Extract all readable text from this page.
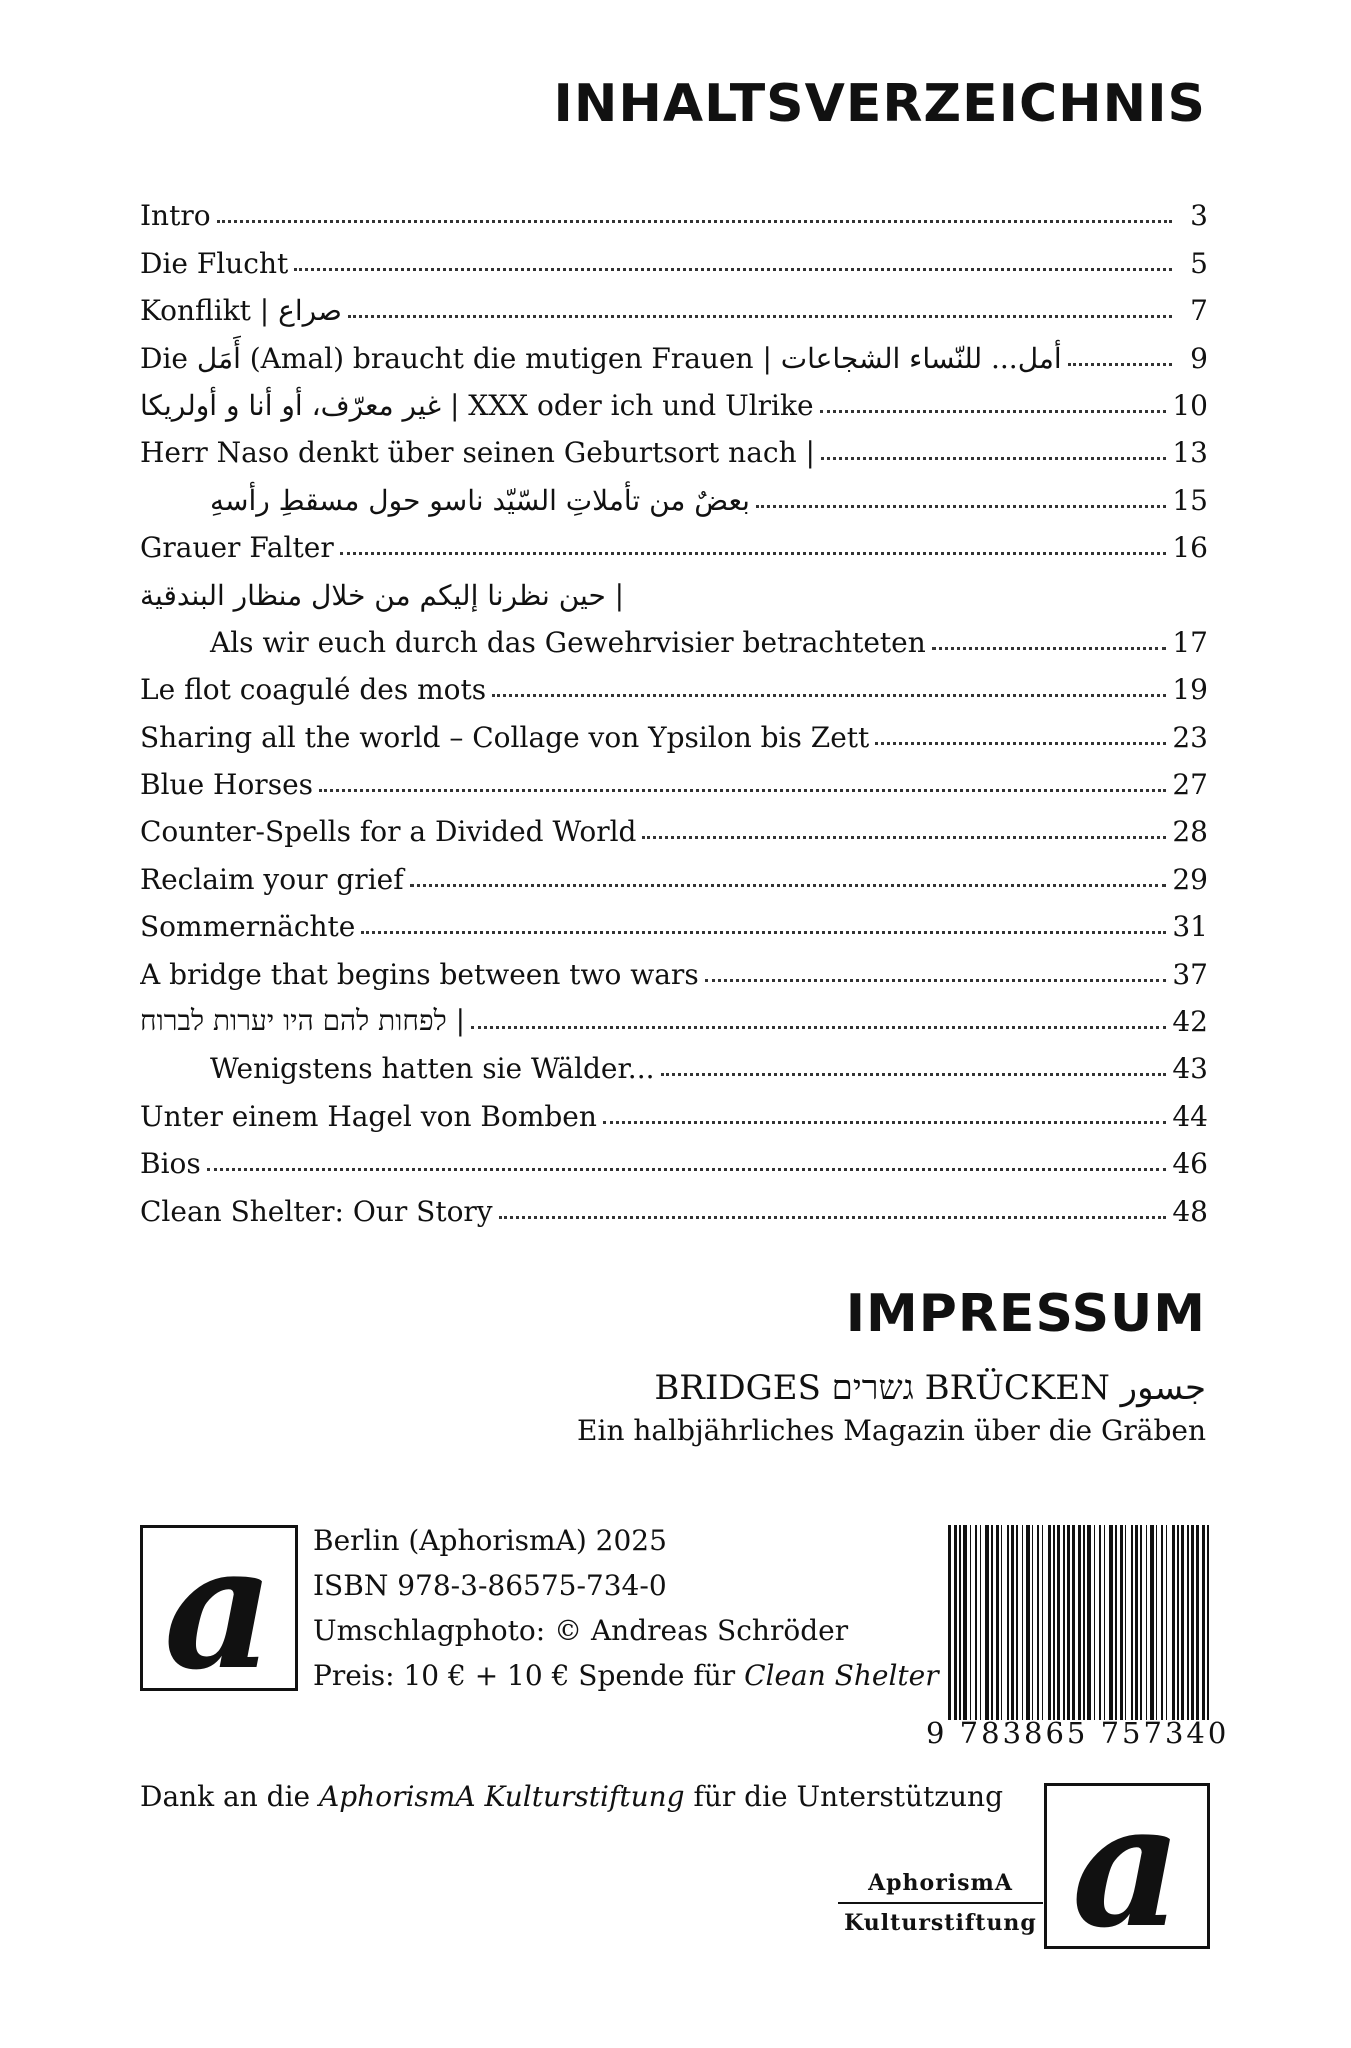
INHALTSVERZEICHNIS
Intro	3
Die Flucht	5
Konflikt | صراع	7
Die أَمَل (Amal) braucht die mutigen Frauen | أمل... للنّساء الشجاعات	9
غير معرّف، أو أنا و أولريكا | XXX oder ich und Ulrike	10
Herr Naso denkt über seinen Geburtsort nach |	13
بعضٌ من تأملاتِ السّيّد ناسو حول مسقطِ رأسهِ	15
Grauer Falter	16
حين نظرنا إليكم من خلال منظار البندقية |
Als wir euch durch das Gewehrvisier betrachteten	17
Le flot coagulé des mots	19
Sharing all the world – Collage von Ypsilon bis Zett	23
Blue Horses	27
Counter-Spells for a Divided World	28
Reclaim your grief	29
Sommernächte	31
A bridge that begins between two wars	37
לפחות להם היו יערות לברוח |	42
Wenigstens hatten sie Wälder...	43
Unter einem Hagel von Bomben	44
Bios	46
Clean Shelter: Our Story	48
IMPRESSUM
BRIDGES גשרים BRÜCKEN جسور
Ein halbjährliches Magazin über die Gräben
a Berlin (AphorismA) 2025
ISBN 978-3-86575-734-0
Umschlagphoto: © Andreas Schröder
Preis: 10 € + 10 € Spende für Clean Shelter
9 783865 757340
Dank an die AphorismA Kulturstiftung für die Unterstützung
AphorismA
Kulturstiftung a
